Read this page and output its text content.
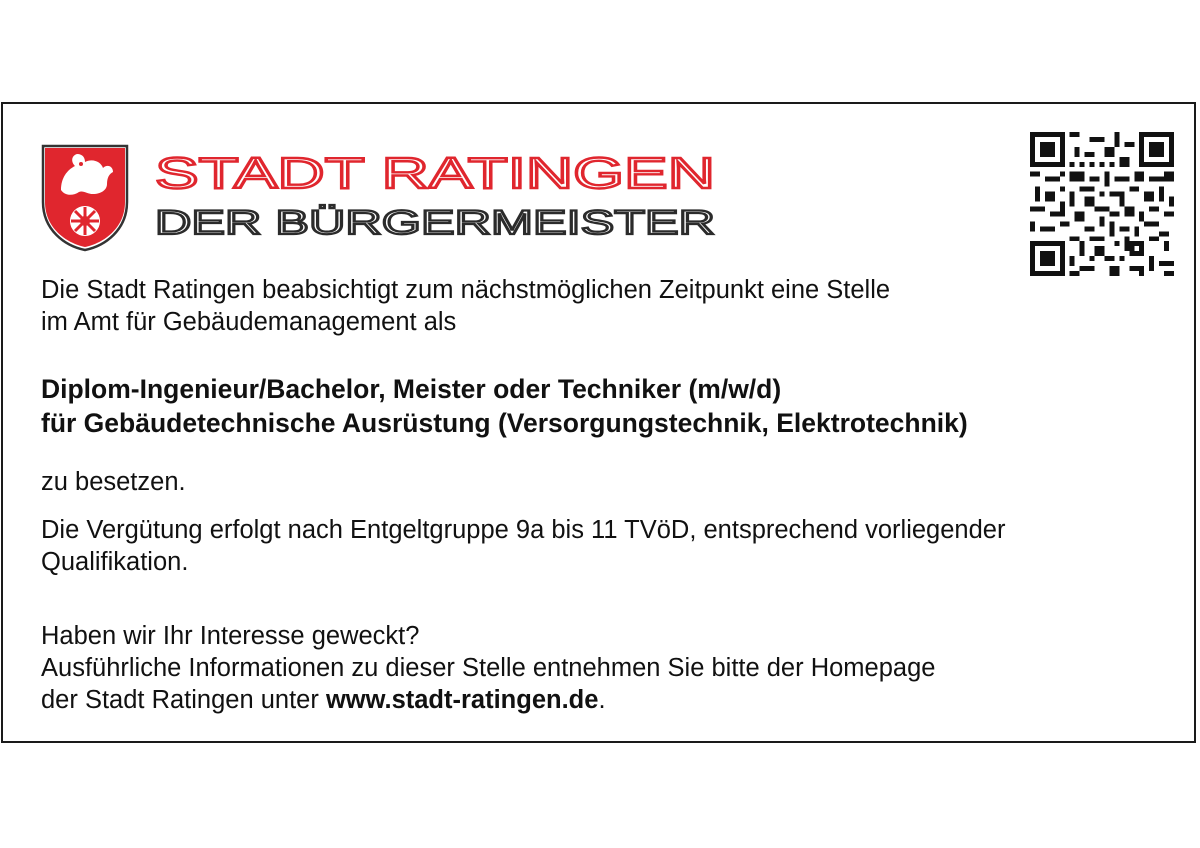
STADT RATINGEN
DER BÜRGERMEISTER

Die Stadt Ratingen beabsichtigt zum nächstmöglichen Zeitpunkt eine Stelle
im Amt für Gebäudemanagement als

Diplom-Ingenieur/Bachelor, Meister oder Techniker (m/w/d)
für Gebäudetechnische Ausrüstung (Versorgungstechnik, Elektrotechnik)

zu besetzen.

Die Vergütung erfolgt nach Entgeltgruppe 9a bis 11 TVöD, entsprechend vorliegender
Qualifikation.

Haben wir Ihr Interesse geweckt?
Ausführliche Informationen zu dieser Stelle entnehmen Sie bitte der Homepage
der Stadt Ratingen unter www.stadt-ratingen.de.
